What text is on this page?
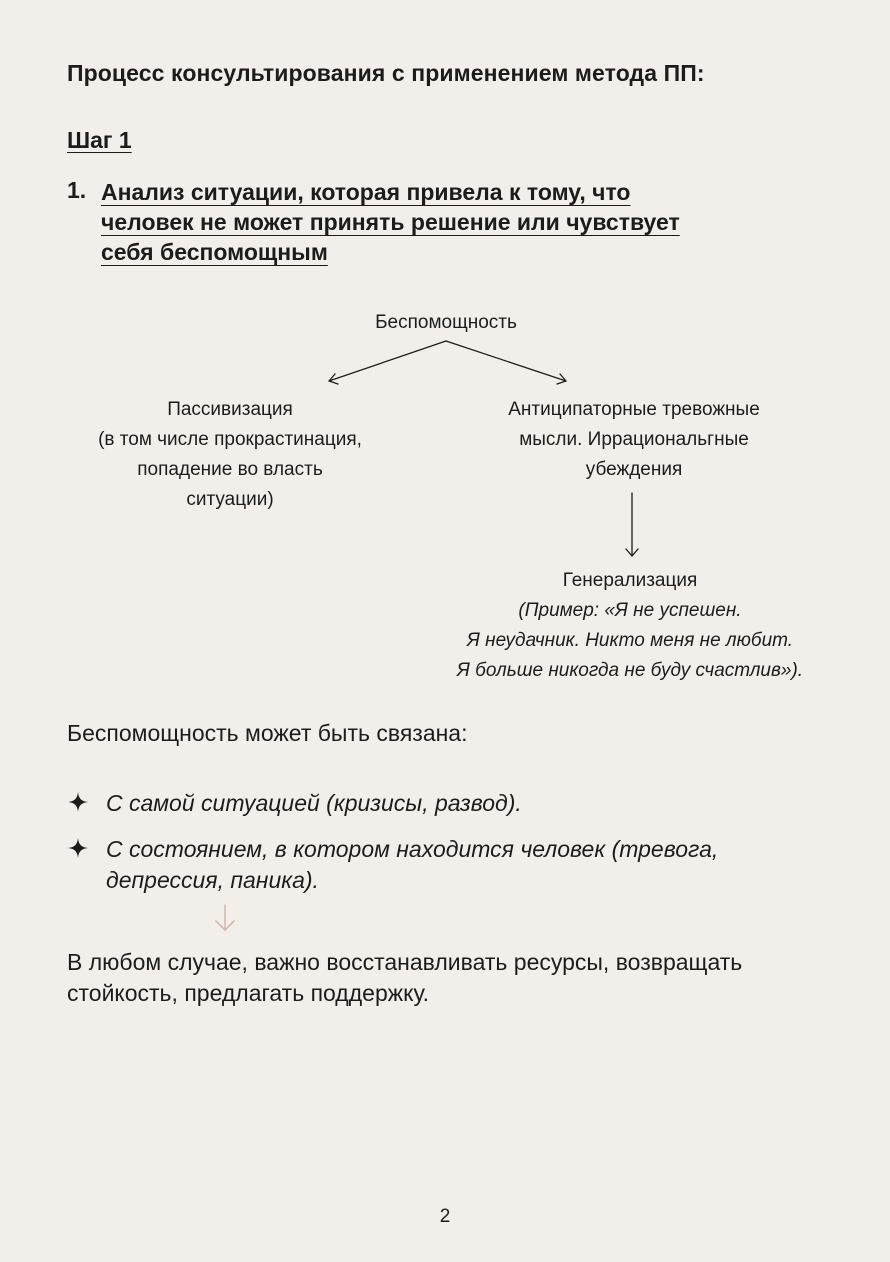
Процесс консультирования с применением метода ПП:
Шаг 1
1. Анализ ситуации, которая привела к тому, что
человек не может принять решение или чувствует
себя беспомощным
Беспомощность
Пассивизация
(в том числе прокрастинация,
попадение во власть
ситуации)
Антиципаторные тревожные
мысли. Иррациональгные
убеждения
Генерализация
(Пример: «Я не успешен.
Я неудачник. Никто меня не любит.
Я больше никогда не буду счастлив»).
Беспомощность может быть связана:
С самой ситуацией (кризисы, развод).
С состоянием, в котором находится человек (тревога, депрессия, паника).
В любом случае, важно восстанавливать ресурсы, возвращать стойкость, предлагать поддержку.
2
